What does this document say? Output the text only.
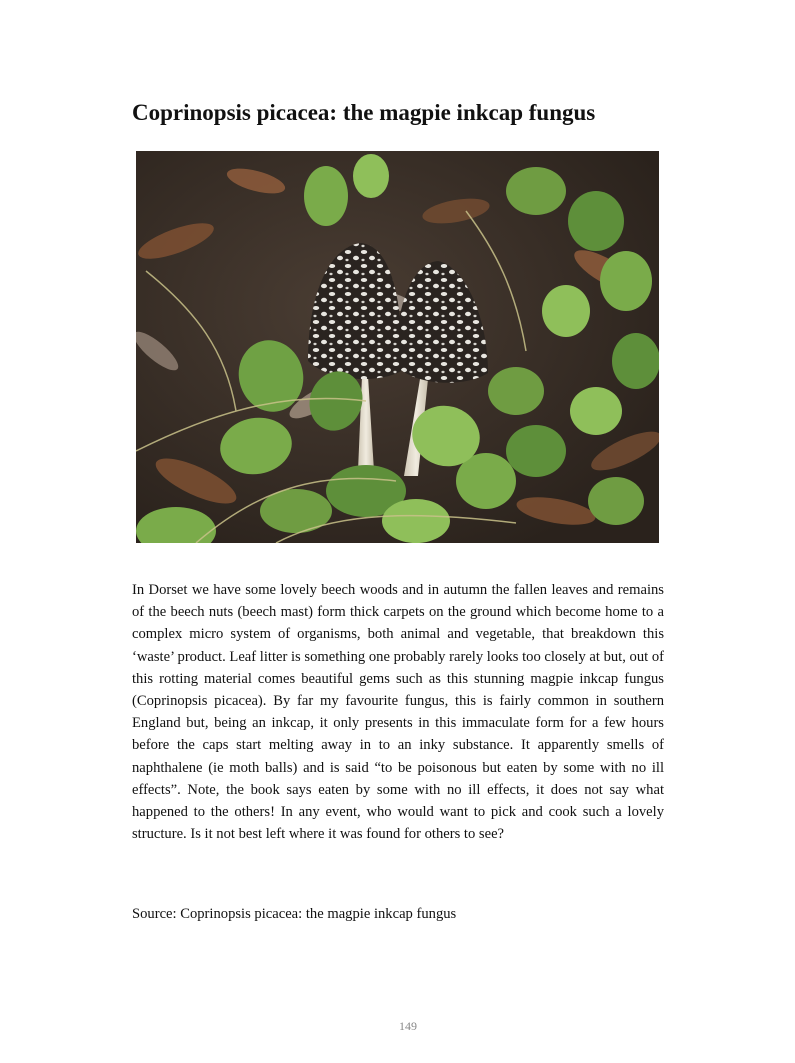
Coprinopsis picacea: the magpie inkcap fungus

In Dorset we have some lovely beech woods and in autumn the fallen leaves and remains of the beech nuts (beech mast) form thick carpets on the ground which become home to a complex micro system of organisms, both animal and vegetable, that breakdown this ‘waste’ product. Leaf litter is something one probably rarely looks too closely at but, out of this rotting material comes beautiful gems such as this stunning magpie inkcap fungus (Coprinopsis picacea). By far my favourite fungus, this is fairly common in southern England but, being an inkcap, it only presents in this immaculate form for a few hours before the caps start melting away in to an inky substance. It apparently smells of naphthalene (ie moth balls) and is said “to be poisonous but eaten by some with no ill effects”. Note, the book says eaten by some with no ill effects, it does not say what happened to the others! In any event, who would want to pick and cook such a lovely structure. Is it not best left where it was found for others to see?

Source: Coprinopsis picacea: the magpie inkcap fungus

149
